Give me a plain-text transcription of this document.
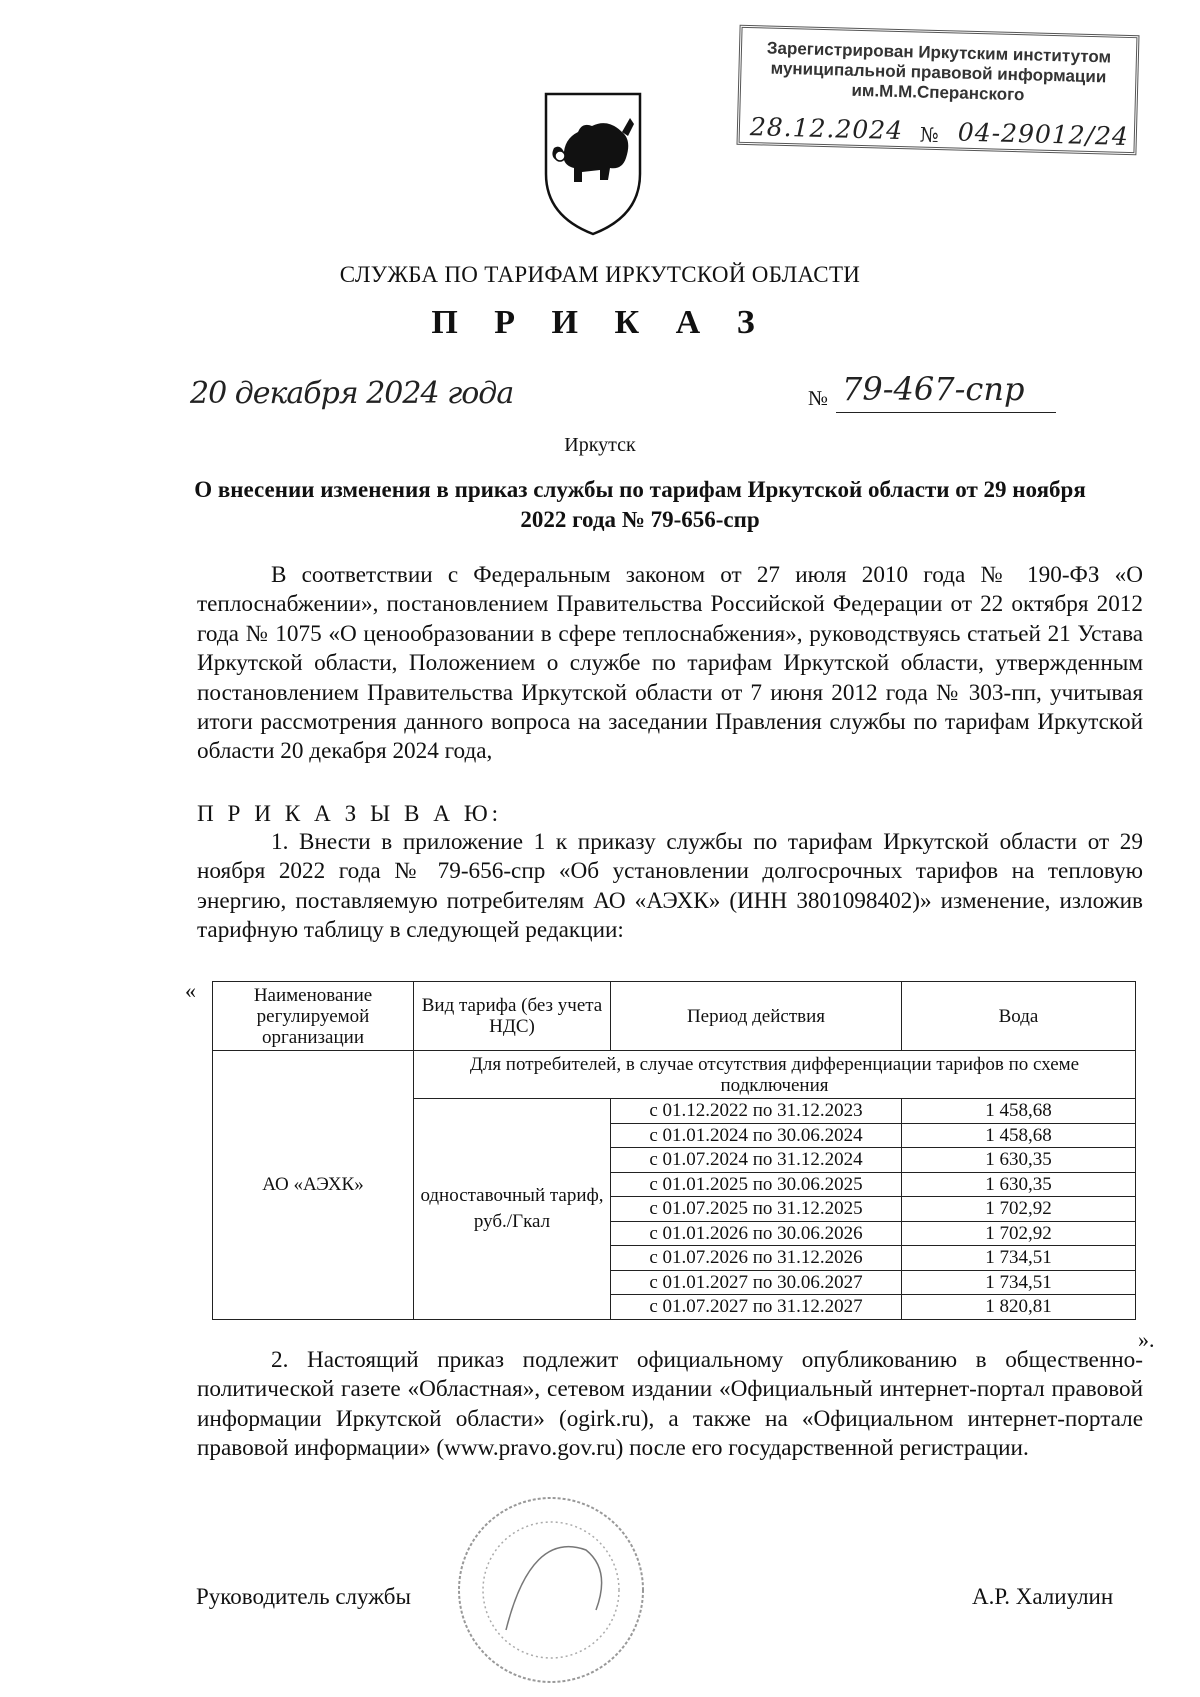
Зарегистрирован Иркутским институтом
муниципальной правовой информации
им.М.М.Сперанского
28.12.2024 № 04-29012/24
СЛУЖБА ПО ТАРИФАМ ИРКУТСКОЙ ОБЛАСТИ
П Р И К А З
20 декабря 2024 года	№ 79-467-спр
Иркутск
О внесении изменения в приказ службы по тарифам Иркутской области от 29 ноября 2022 года № 79-656-спр
В соответствии с Федеральным законом от 27 июля 2010 года № 190-ФЗ «О теплоснабжении», постановлением Правительства Российской Федерации от 22 октября 2012 года № 1075 «О ценообразовании в сфере теплоснабжения», руководствуясь статьей 21 Устава Иркутской области, Положением о службе по тарифам Иркутской области, утвержденным постановлением Правительства Иркутской области от 7 июня 2012 года № 303-пп, учитывая итоги рассмотрения данного вопроса на заседании Правления службы по тарифам Иркутской области 20 декабря 2024 года,
П Р И К А З Ы В А Ю:
1. Внести в приложение 1 к приказу службы по тарифам Иркутской области от 29 ноября 2022 года № 79-656-спр «Об установлении долгосрочных тарифов на тепловую энергию, поставляемую потребителям АО «АЭХК» (ИНН 3801098402)» изменение, изложив тарифную таблицу в следующей редакции:
«	Наименование регулируемой организации	Вид тарифа (без учета НДС)	Период действия	Вода
АО «АЭХК»	Для потребителей, в случае отсутствия дифференциации тарифов по схеме подключения		
	одноставочный тариф, руб./Гкал	с 01.12.2022 по 31.12.2023	1 458,68
		с 01.01.2024 по 30.06.2024	1 458,68
		с 01.07.2024 по 31.12.2024	1 630,35
		с 01.01.2025 по 30.06.2025	1 630,35
		с 01.07.2025 по 31.12.2025	1 702,92
		с 01.01.2026 по 30.06.2026	1 702,92
		с 01.07.2026 по 31.12.2026	1 734,51
		с 01.01.2027 по 30.06.2027	1 734,51
		с 01.07.2027 по 31.12.2027	1 820,81
».
2. Настоящий приказ подлежит официальному опубликованию в общественно-политической газете «Областная», сетевом издании «Официальный интернет-портал правовой информации Иркутской области» (ogirk.ru), а также на «Официальном интернет-портале правовой информации» (www.pravo.gov.ru) после его государственной регистрации.
Руководитель службы	А.Р. Халиулин
